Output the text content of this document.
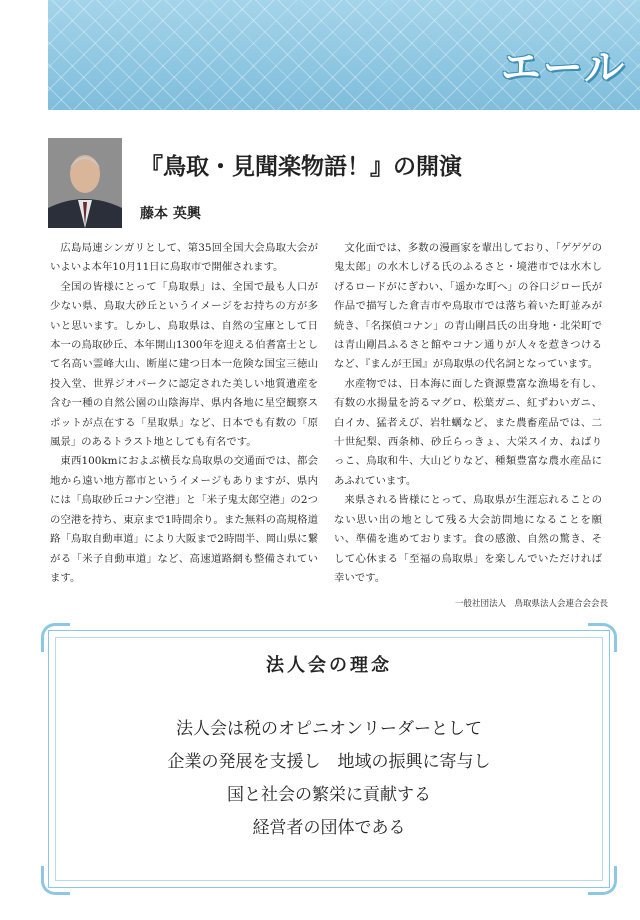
エール
『鳥取・見聞楽物語！』の開演
藤本 英興

広島局連シンガリとして、第35回全国大会鳥取大会がいよいよ本年10月11日に鳥取市で開催されます。

全国の皆様にとって「鳥取県」は、全国で最も人口が少ない県、鳥取大砂丘というイメージをお持ちの方が多いと思います。しかし、鳥取県は、自然の宝庫として日本一の鳥取砂丘、本年開山1300年を迎える伯耆富士として名高い霊峰大山、断崖に建つ日本一危険な国宝三徳山投入堂、世界ジオパークに認定された美しい地質遺産を含む一種の自然公園の山陰海岸、県内各地に星空観察スポットが点在する「星取県」など、日本でも有数の「原風景」のあるトラスト地としても有名です。

東西100kmにおよぶ横長な鳥取県の交通面では、都会地から遠い地方都市というイメージもありますが、県内には「鳥取砂丘コナン空港」と「米子鬼太郎空港」の2つの空港を持ち、東京まで1時間余り。また無料の高規格道路「鳥取自動車道」により大阪まで2時間半、岡山県に繋がる「米子自動車道」など、高速道路網も整備されています。

文化面では、多数の漫画家を輩出しており、「ゲゲゲの鬼太郎」の水木しげる氏のふるさと・境港市では水木しげるロードがにぎわい、「遥かな町へ」の谷口ジロー氏が作品で描写した倉吉市や鳥取市では落ち着いた町並みが続き、「名探偵コナン」の青山剛昌氏の出身地・北栄町では青山剛昌ふるさと館やコナン通りが人々を惹きつけるなど、『まんが王国』が鳥取県の代名詞となっています。

水産物では、日本海に面した資源豊富な漁場を有し、有数の水揚量を誇るマグロ、松葉ガニ、紅ずわいガニ、白イカ、猛者えび、岩牡蠣など、また農畜産品では、二十世紀梨、西条柿、砂丘らっきょ、大栄スイカ、ねばりっこ、鳥取和牛、大山どりなど、種類豊富な農水産品にあふれています。

来県される皆様にとって、鳥取県が生涯忘れることのない思い出の地として残る大会訪問地になることを願い、準備を進めております。食の感激、自然の驚き、そして心休まる「至福の鳥取県」を楽しんでいただければ幸いです。

一般社団法人　鳥取県法人会連合会会長
法人会の理念
法人会は税のオピニオンリーダーとして
企業の発展を支援し　地域の振興に寄与し
国と社会の繁栄に貢献する
経営者の団体である
